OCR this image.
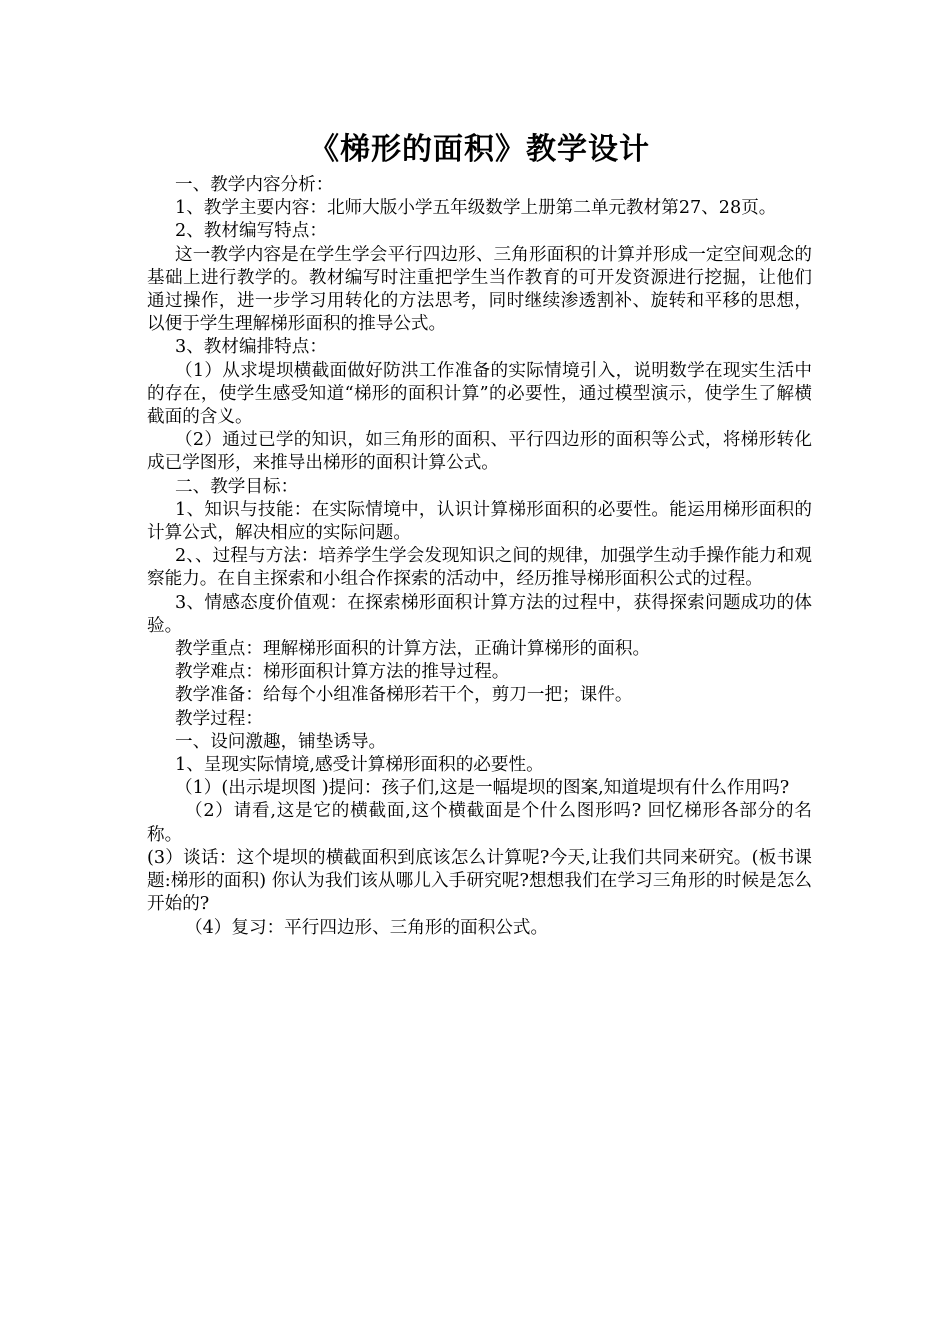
《梯形的面积》教学设计

一、教学内容分析：

1、教学主要内容：北师大版小学五年级数学上册第二单元教材第27、28页。

2、教材编写特点：

这一教学内容是在学生学会平行四边形、三角形面积的计算并形成一定空间观念的基础上进行教学的。教材编写时注重把学生当作教育的可开发资源进行挖掘，让他们通过操作，进一步学习用转化的方法思考，同时继续渗透割补、旋转和平移的思想，以便于学生理解梯形面积的推导公式。

3、教材编排特点：

（1）从求堤坝横截面做好防洪工作准备的实际情境引入，说明数学在现实生活中的存在，使学生感受知道“梯形的面积计算”的必要性，通过模型演示，使学生了解横截面的含义。

（2）通过已学的知识，如三角形的面积、平行四边形的面积等公式，将梯形转化成已学图形，来推导出梯形的面积计算公式。

二、教学目标：

1、知识与技能：在实际情境中，认识计算梯形面积的必要性。能运用梯形面积的计算公式，解决相应的实际问题。

2、、过程与方法：培养学生学会发现知识之间的规律，加强学生动手操作能力和观察能力。在自主探索和小组合作探索的活动中，经历推导梯形面积公式的过程。

3、情感态度价值观：在探索梯形面积计算方法的过程中，获得探索问题成功的体验。

教学重点：理解梯形面积的计算方法，正确计算梯形的面积。

教学难点：梯形面积计算方法的推导过程。

教学准备：给每个小组准备梯形若干个，剪刀一把；课件。

教学过程：

一、设问激趣，铺垫诱导。

1、呈现实际情境,感受计算梯形面积的必要性。

（1）(出示堤坝图 )提问：孩子们,这是一幅堤坝的图案,知道堤坝有什么作用吗?

（2）请看,这是它的横截面,这个横截面是个什么图形吗? 回忆梯形各部分的名称。

(3）谈话：这个堤坝的横截面积到底该怎么计算呢?今天,让我们共同来研究。(板书课题:梯形的面积) 你认为我们该从哪儿入手研究呢?想想我们在学习三角形的时候是怎么开始的?

（4）复习：平行四边形、三角形的面积公式。
